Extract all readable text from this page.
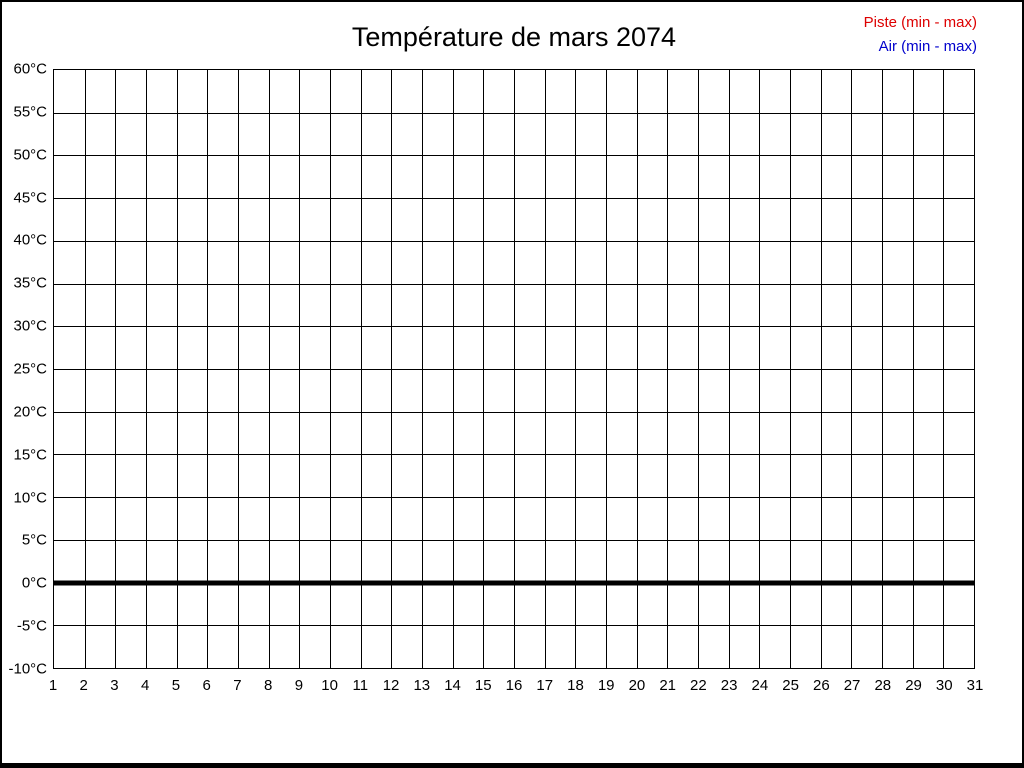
Température de mars 2074	Piste (min - max)
Air (min - max)
60°C
55°C
50°C
45°C
40°C
35°C
30°C
25°C
20°C
15°C
10°C
5°C
0°C
-5°C
-10°C
1 2 3 4 5 6 7 8 9 10 11 12 13 14 15 16 17 18 19 20 21 22 23 24 25 26 27 28 29 30 31
